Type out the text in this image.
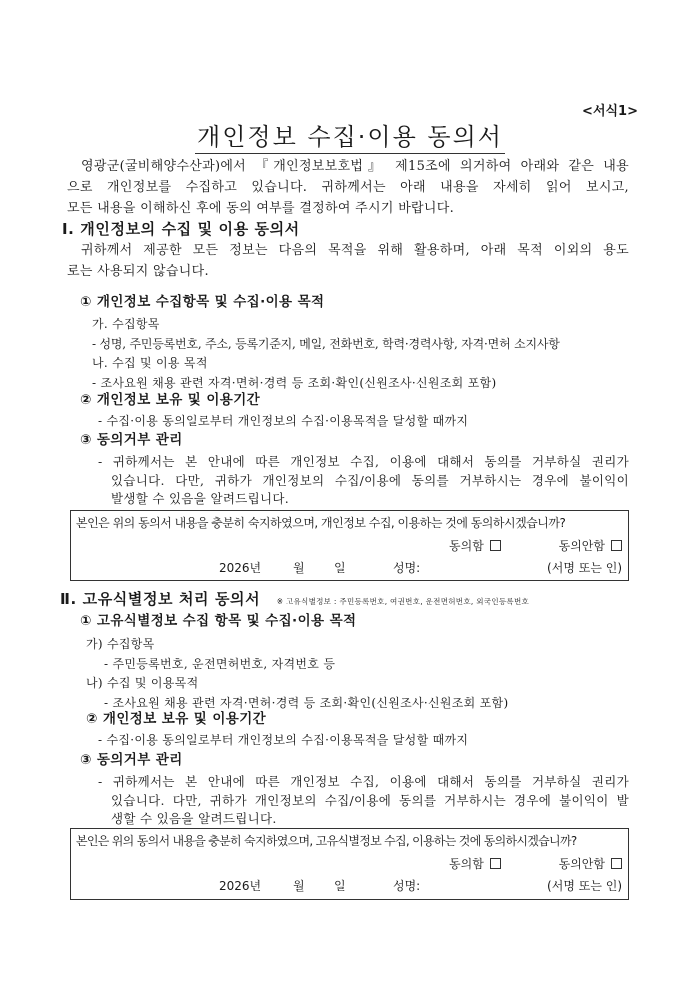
<서식1>
개인정보 수집·이용 동의서
영광군(굴비해양수산과)에서 『개인정보보호법』 제15조에 의거하여 아래와 같은 내용
으로 개인정보를 수집하고 있습니다. 귀하께서는 아래 내용을 자세히 읽어 보시고,
모든 내용을 이해하신 후에 동의 여부를 결정하여 주시기 바랍니다.
Ⅰ. 개인정보의 수집 및 이용 동의서
귀하께서 제공한 모든 정보는 다음의 목적을 위해 활용하며, 아래 목적 이외의 용도
로는 사용되지 않습니다.
① 개인정보 수집항목 및 수집·이용 목적
가. 수집항목
- 성명, 주민등록번호, 주소, 등록기준지, 메일, 전화번호, 학력·경력사항, 자격·면허 소지사항
나. 수집 및 이용 목적
- 조사요원 채용 관련 자격·면허·경력 등 조회·확인(신원조사·신원조회 포함)
② 개인정보 보유 및 이용기간
- 수집·이용 동의일로부터 개인정보의 수집·이용목적을 달성할 때까지
③ 동의거부 관리
- 귀하께서는 본 안내에 따른 개인정보 수집, 이용에 대해서 동의를 거부하실 권리가
있습니다. 다만, 귀하가 개인정보의 수집/이용에 동의를 거부하시는 경우에 불이익이
발생할 수 있음을 알려드립니다.
본인은 위의 동의서 내용을 충분히 숙지하였으며, 개인정보 수집, 이용하는 것에 동의하시겠습니까?
동의함	동의안함
2026년	월 일	성명:	(서명 또는 인)
Ⅱ. 고유식별정보 처리 동의서 ※ 고유식별정보 : 주민등록번호, 여권번호, 운전면허번호, 외국인등록번호
① 고유식별정보 수집 항목 및 수집·이용 목적
가) 수집항목
- 주민등록번호, 운전면허번호, 자격번호 등
나) 수집 및 이용목적
- 조사요원 채용 관련 자격·면허·경력 등 조회·확인(신원조사·신원조회 포함)
② 개인정보 보유 및 이용기간
- 수집·이용 동의일로부터 개인정보의 수집·이용목적을 달성할 때까지
③ 동의거부 관리
- 귀하께서는 본 안내에 따른 개인정보 수집, 이용에 대해서 동의를 거부하실 권리가
있습니다. 다만, 귀하가 개인정보의 수집/이용에 동의를 거부하시는 경우에 불이익이 발
생할 수 있음을 알려드립니다.
본인은 위의 동의서 내용을 충분히 숙지하였으며, 고유식별정보 수집, 이용하는 것에 동의하시겠습니까?
동의함	동의안함
2026년	월 일	성명:	(서명 또는 인)
